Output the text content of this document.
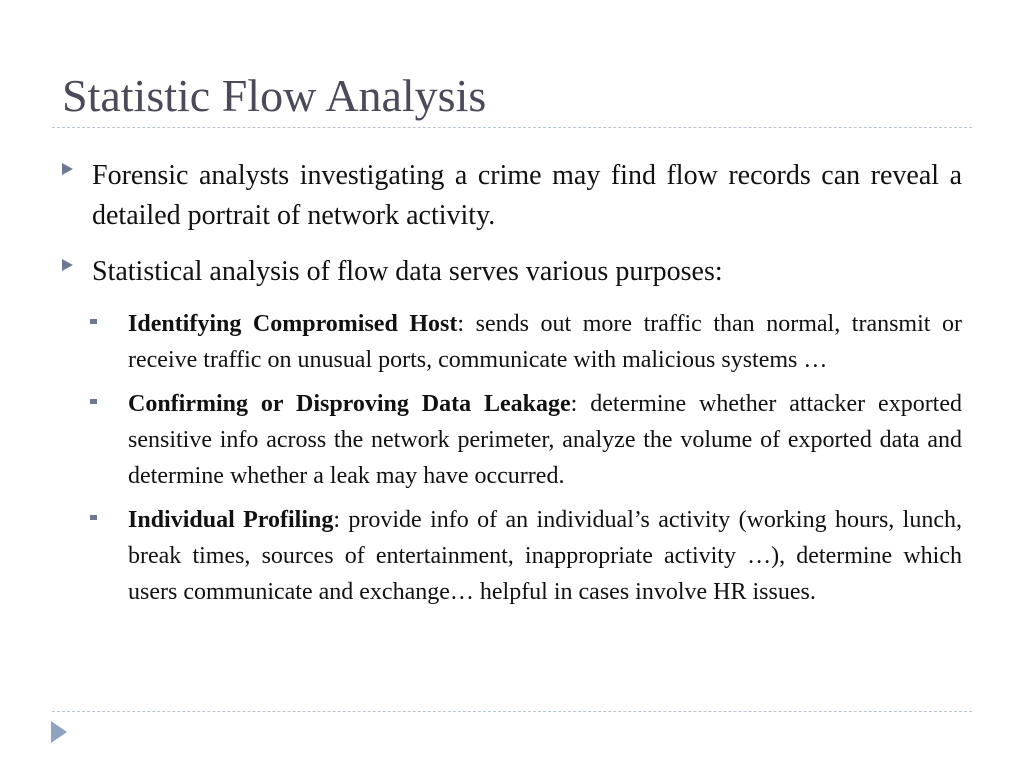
Statistic Flow Analysis
Forensic analysts investigating a crime may find flow records can reveal a detailed portrait of network activity.
Statistical analysis of flow data serves various purposes:
Identifying Compromised Host: sends out more traffic than normal, transmit or receive traffic on unusual ports, communicate with malicious systems …
Confirming or Disproving Data Leakage: determine whether attacker exported sensitive info across the network perimeter, analyze the volume of exported data and determine whether a leak may have occurred.
Individual Profiling: provide info of an individual’s activity (working hours, lunch, break times, sources of entertainment, inappropriate activity …), determine which users communicate and exchange… helpful in cases involve HR issues.
